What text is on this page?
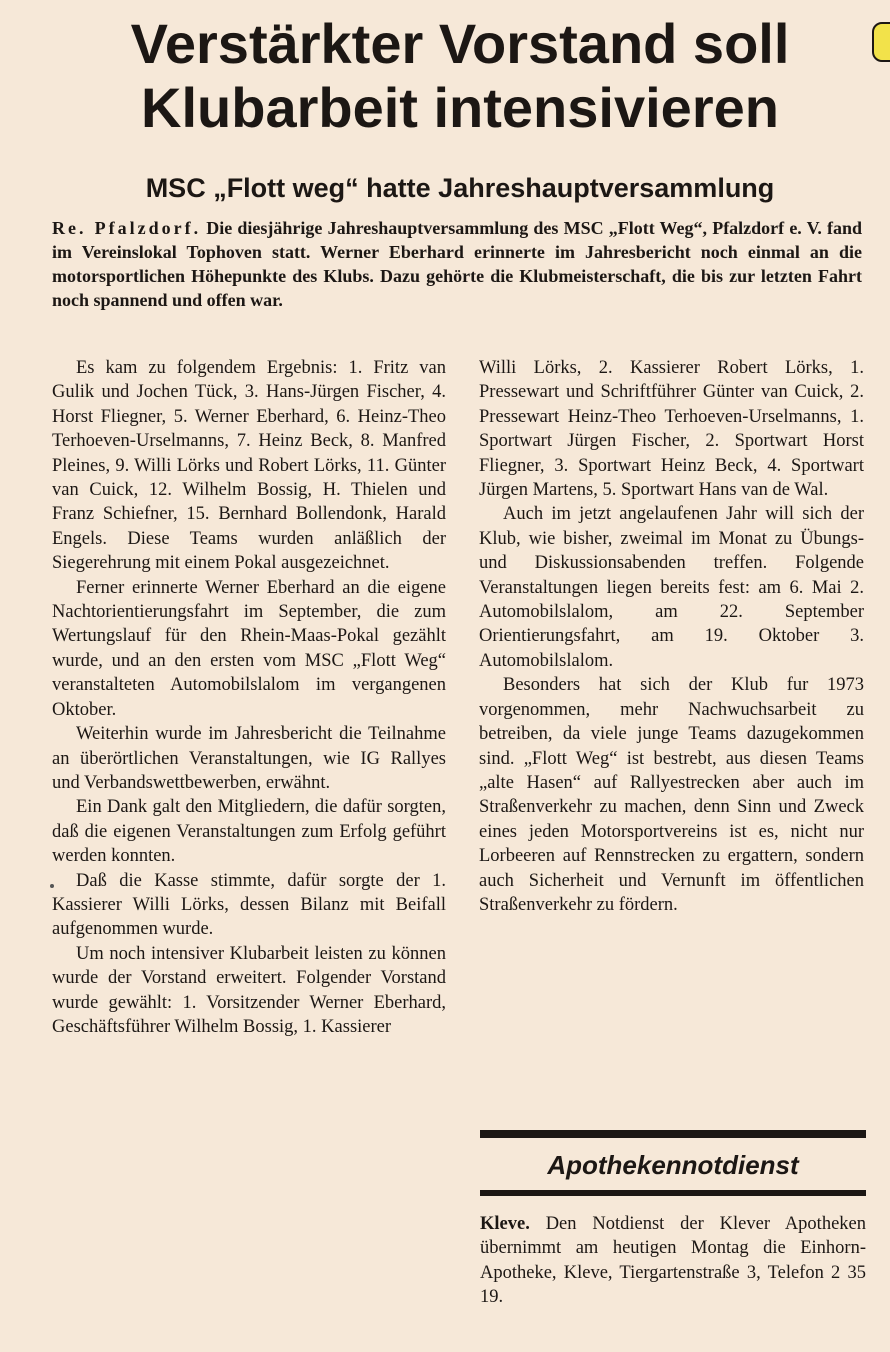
Verstärkter Vorstand soll
Klubarbeit intensivieren
MSC „Flott weg“ hatte Jahreshauptversammlung

Re. Pfalzdorf. Die diesjährige Jahreshauptversammlung des MSC „Flott Weg“, Pfalzdorf e. V. fand im Vereinslokal Tophoven statt. Werner Eberhard erinnerte im Jahresbericht noch einmal an die motorsportlichen Höhepunkte des Klubs. Dazu gehörte die Klubmeisterschaft, die bis zur letzten Fahrt noch spannend und offen war.

Es kam zu folgendem Ergebnis: 1. Fritz van Gulik und Jochen Tück, 3. Hans-Jürgen Fischer, 4. Horst Fliegner, 5. Werner Eberhard, 6. Heinz-Theo Terhoeven-Urselmanns, 7. Heinz Beck, 8. Manfred Pleines, 9. Willi Lörks und Robert Lörks, 11. Günter van Cuick, 12. Wilhelm Bossig, H. Thielen und Franz Schiefner, 15. Bernhard Bollendonk, Harald Engels. Diese Teams wurden anläßlich der Siegerehrung mit einem Pokal ausgezeichnet.

Ferner erinnerte Werner Eberhard an die eigene Nachtorientierungsfahrt im September, die zum Wertungslauf für den Rhein-Maas-Pokal gezählt wurde, und an den ersten vom MSC „Flott Weg“ veranstalteten Automobilslalom im vergangenen Oktober.

Weiterhin wurde im Jahresbericht die Teilnahme an überörtlichen Veranstaltungen, wie IG Rallyes und Verbandswettbewerben, erwähnt.

Ein Dank galt den Mitgliedern, die dafür sorgten, daß die eigenen Veranstaltungen zum Erfolg geführt werden konnten.

Daß die Kasse stimmte, dafür sorgte der 1. Kassierer Willi Lörks, dessen Bilanz mit Beifall aufgenommen wurde.

Um noch intensiver Klubarbeit leisten zu können wurde der Vorstand erweitert. Folgender Vorstand wurde gewählt: 1. Vorsitzender Werner Eberhard, Geschäftsführer Wilhelm Bossig, 1. Kassierer

Willi Lörks, 2. Kassierer Robert Lörks, 1. Pressewart und Schriftführer Günter van Cuick, 2. Pressewart Heinz-Theo Terhoeven-Urselmanns, 1. Sportwart Jürgen Fischer, 2. Sportwart Horst Fliegner, 3. Sportwart Heinz Beck, 4. Sportwart Jürgen Martens, 5. Sportwart Hans van de Wal.

Auch im jetzt angelaufenen Jahr will sich der Klub, wie bisher, zweimal im Monat zu Übungs- und Diskussionsabenden treffen. Folgende Veranstaltungen liegen bereits fest: am 6. Mai 2. Automobilslalom, am 22. September Orientierungsfahrt, am 19. Oktober 3. Automobilslalom.

Besonders hat sich der Klub fur 1973 vorgenommen, mehr Nachwuchsarbeit zu betreiben, da viele junge Teams dazugekommen sind. „Flott Weg“ ist bestrebt, aus diesen Teams „alte Hasen“ auf Rallyestrecken aber auch im Straßenverkehr zu machen, denn Sinn und Zweck eines jeden Motorsportvereins ist es, nicht nur Lorbeeren auf Rennstrecken zu ergattern, sondern auch Sicherheit und Vernunft im öffentlichen Straßenverkehr zu fördern.

Apothekennotdienst

Kleve. Den Notdienst der Klever Apotheken übernimmt am heutigen Montag die Einhorn-Apotheke, Kleve, Tiergartenstraße 3, Telefon 2 35 19.
